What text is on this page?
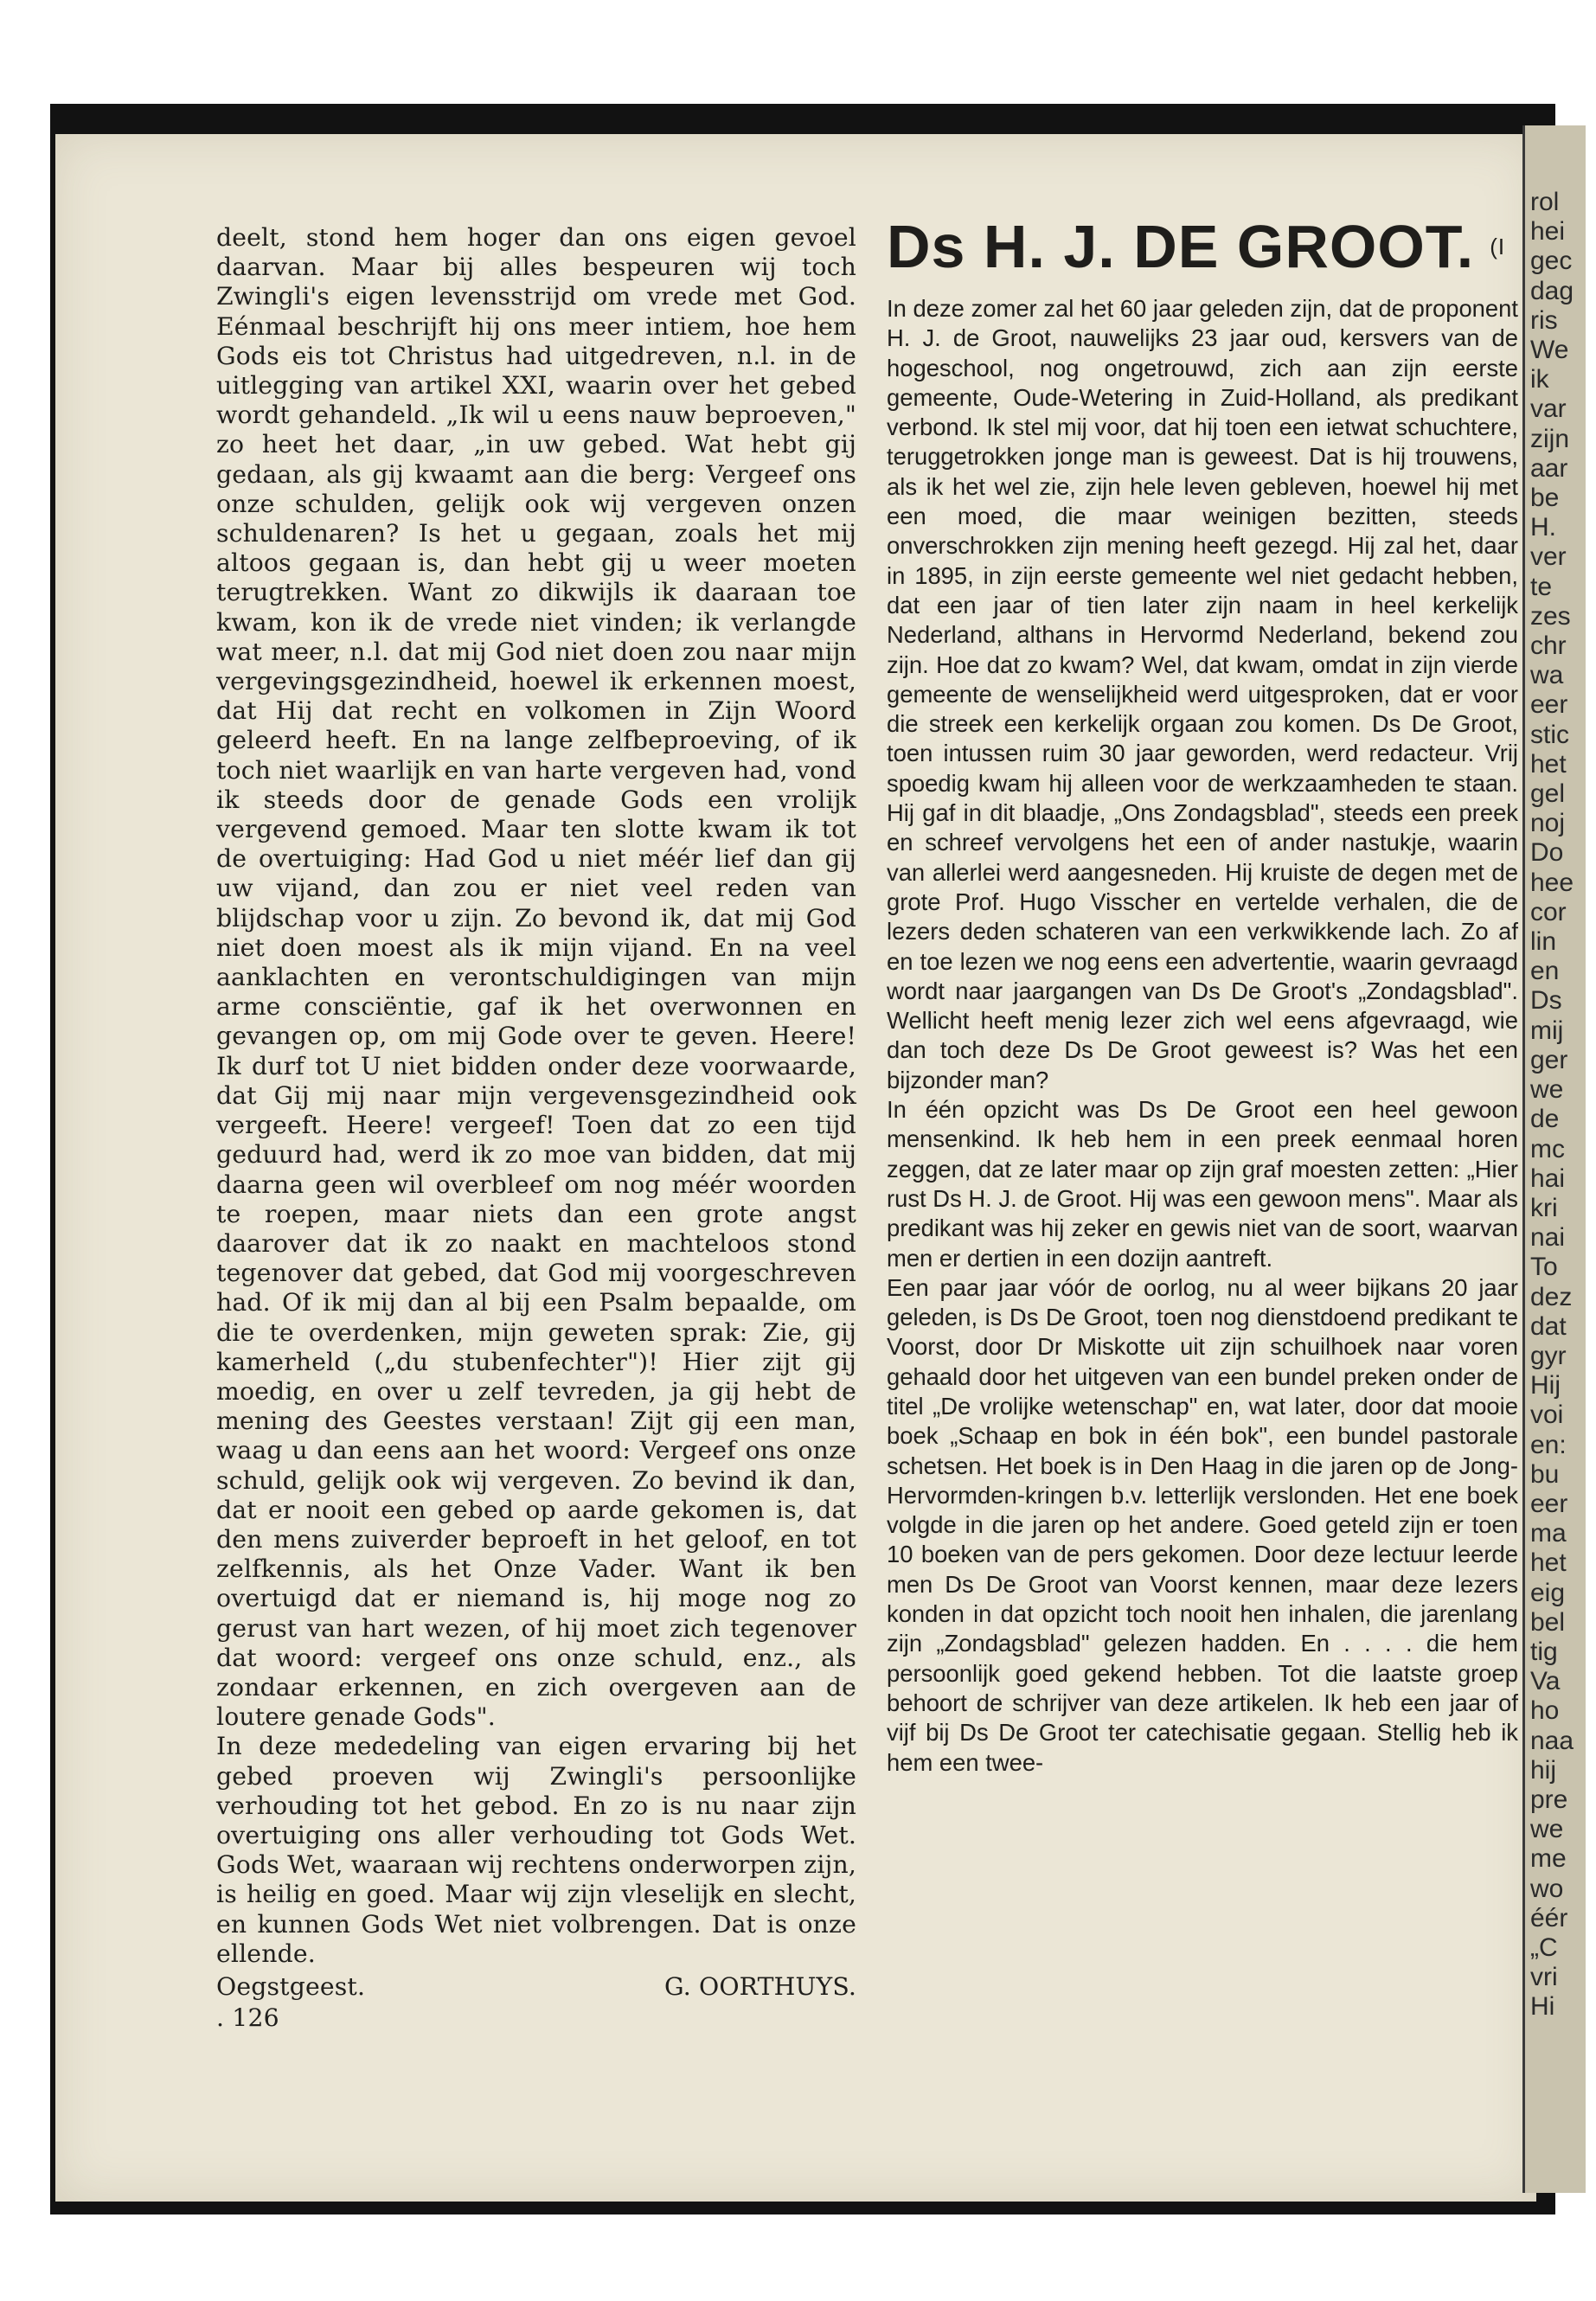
rol
hei
gec
dag
ris
We
ik
var
zijn
aar
be
H.
ver
te
zes
chr
wa
eer
stic
het
gel
noj
Do
hee
cor
lin
en
Ds
mij
ger
we
de
mc
hai
kri
nai
To
dez
dat
gyr
Hij
voi
en:
bu
eer
ma
het
eig
bel
tig
Va
ho
naa
hij
pre
we
me
wo
éér
„C
vri
Hi

deelt, stond hem hoger dan ons eigen gevoel daarvan. Maar bij alles bespeuren wij toch Zwingli's eigen levensstrijd om vrede met God. Eénmaal beschrijft hij ons meer intiem, hoe hem Gods eis tot Christus had uitgedreven, n.l. in de uitlegging van artikel XXI, waarin over het gebed wordt gehandeld. „Ik wil u eens nauw beproeven," zo heet het daar, „in uw gebed. Wat hebt gij gedaan, als gij kwaamt aan die berg: Vergeef ons onze schulden, gelijk ook wij vergeven onzen schuldenaren? Is het u gegaan, zoals het mij altoos gegaan is, dan hebt gij u weer moeten terugtrekken. Want zo dikwijls ik daaraan toe kwam, kon ik de vrede niet vinden; ik verlangde wat meer, n.l. dat mij God niet doen zou naar mijn vergevingsgezindheid, hoewel ik erkennen moest, dat Hij dat recht en volkomen in Zijn Woord geleerd heeft. En na lange zelfbeproeving, of ik toch niet waarlijk en van harte vergeven had, vond ik steeds door de genade Gods een vrolijk vergevend gemoed. Maar ten slotte kwam ik tot de overtuiging: Had God u niet méér lief dan gij uw vijand, dan zou er niet veel reden van blijdschap voor u zijn. Zo bevond ik, dat mij God niet doen moest als ik mijn vijand. En na veel aanklachten en verontschuldigingen van mijn arme consciëntie, gaf ik het overwonnen en gevangen op, om mij Gode over te geven. Heere! Ik durf tot U niet bidden onder deze voorwaarde, dat Gij mij naar mijn vergevensgezindheid ook vergeeft. Heere! vergeef! Toen dat zo een tijd geduurd had, werd ik zo moe van bidden, dat mij daarna geen wil overbleef om nog méér woorden te roepen, maar niets dan een grote angst daarover dat ik zo naakt en machteloos stond tegenover dat gebed, dat God mij voorgeschreven had. Of ik mij dan al bij een Psalm bepaalde, om die te overdenken, mijn geweten sprak: Zie, gij kamerheld („du stubenfechter")! Hier zijt gij moedig, en over u zelf tevreden, ja gij hebt de mening des Geestes verstaan! Zijt gij een man, waag u dan eens aan het woord: Vergeef ons onze schuld, gelijk ook wij vergeven. Zo bevind ik dan, dat er nooit een gebed op aarde gekomen is, dat den mens zuiverder beproeft in het geloof, en tot zelfkennis, als het Onze Vader. Want ik ben overtuigd dat er niemand is, hij moge nog zo gerust van hart wezen, of hij moet zich tegenover dat woord: vergeef ons onze schuld, enz., als zondaar erkennen, en zich overgeven aan de loutere genade Gods".

In deze mededeling van eigen ervaring bij het gebed proeven wij Zwingli's persoonlijke verhouding tot het gebod. En zo is nu naar zijn overtuiging ons aller verhouding tot Gods Wet. Gods Wet, waaraan wij rechtens onderworpen zijn, is heilig en goed. Maar wij zijn vleselijk en slecht, en kunnen Gods Wet niet volbrengen. Dat is onze ellende.

Oegstgeest.	G. OORTHUYS.
. 126
Ds H. J. DE GROOT. $^{(I}$

In deze zomer zal het 60 jaar geleden zijn, dat de proponent H. J. de Groot, nauwelijks 23 jaar oud, kersvers van de hogeschool, nog ongetrouwd, zich aan zijn eerste gemeente, Oude-Wetering in Zuid-Holland, als predikant verbond. Ik stel mij voor, dat hij toen een ietwat schuchtere, teruggetrokken jonge man is geweest. Dat is hij trouwens, als ik het wel zie, zijn hele leven gebleven, hoewel hij met een moed, die maar weinigen bezitten, steeds onverschrokken zijn mening heeft gezegd. Hij zal het, daar in 1895, in zijn eerste gemeente wel niet gedacht hebben, dat een jaar of tien later zijn naam in heel kerkelijk Nederland, althans in Hervormd Nederland, bekend zou zijn. Hoe dat zo kwam? Wel, dat kwam, omdat in zijn vierde gemeente de wenselijkheid werd uitgesproken, dat er voor die streek een kerkelijk orgaan zou komen. Ds De Groot, toen intussen ruim 30 jaar geworden, werd redacteur. Vrij spoedig kwam hij alleen voor de werkzaamheden te staan. Hij gaf in dit blaadje, „Ons Zondagsblad", steeds een preek en schreef vervolgens het een of ander nastukje, waarin van allerlei werd aangesneden. Hij kruiste de degen met de grote Prof. Hugo Visscher en vertelde verhalen, die de lezers deden schateren van een verkwikkende lach. Zo af en toe lezen we nog eens een advertentie, waarin gevraagd wordt naar jaargangen van Ds De Groot's „Zondagsblad". Wellicht heeft menig lezer zich wel eens afgevraagd, wie dan toch deze Ds De Groot geweest is? Was het een bijzonder man?

In één opzicht was Ds De Groot een heel gewoon mensenkind. Ik heb hem in een preek eenmaal horen zeggen, dat ze later maar op zijn graf moesten zetten: „Hier rust Ds H. J. de Groot. Hij was een gewoon mens". Maar als predikant was hij zeker en gewis niet van de soort, waarvan men er dertien in een dozijn aantreft.

Een paar jaar vóór de oorlog, nu al weer bijkans 20 jaar geleden, is Ds De Groot, toen nog dienstdoend predikant te Voorst, door Dr Miskotte uit zijn schuilhoek naar voren gehaald door het uitgeven van een bundel preken onder de titel „De vrolijke wetenschap" en, wat later, door dat mooie boek „Schaap en bok in één bok", een bundel pastorale schetsen. Het boek is in Den Haag in die jaren op de Jong-Hervormden-kringen b.v. letterlijk verslonden. Het ene boek volgde in die jaren op het andere. Goed geteld zijn er toen 10 boeken van de pers gekomen. Door deze lectuur leerde men Ds De Groot van Voorst kennen, maar deze lezers konden in dat opzicht toch nooit hen inhalen, die jarenlang zijn „Zondagsblad" gelezen hadden. En . . . . die hem persoonlijk goed gekend hebben. Tot die laatste groep behoort de schrijver van deze artikelen. Ik heb een jaar of vijf bij Ds De Groot ter catechisatie gegaan. Stellig heb ik hem een twee-
